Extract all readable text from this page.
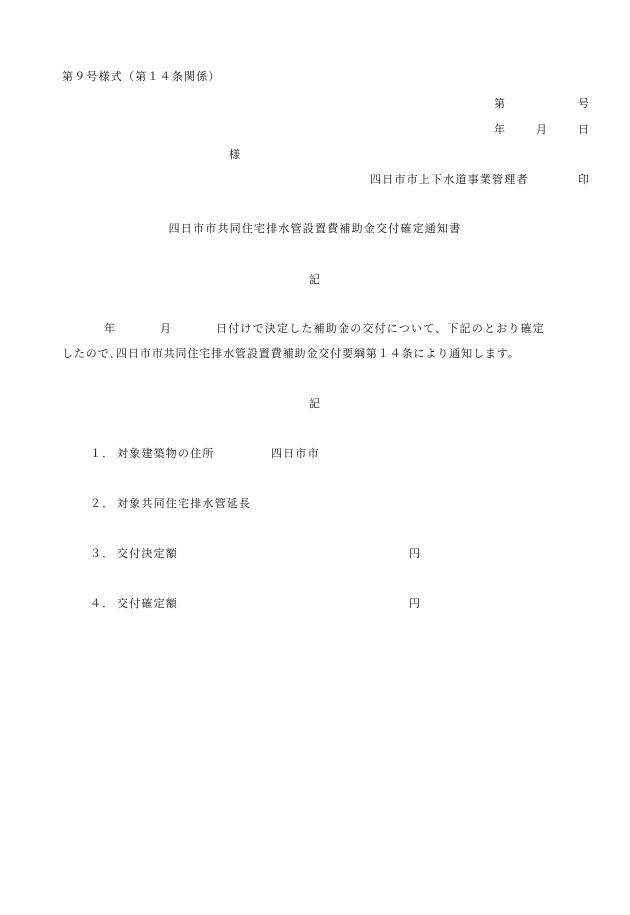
第９号様式（第１４条関係）
第	号
年	月	日
様
四日市市上下水道事業管理者	印
四日市市共同住宅排水管設置費補助金交付確定通知書
記
年	月	日付けで決定した補助金の交付について、下記のとおり確定
したので､四日市市共同住宅排水管設置費補助金交付要綱第１４条により通知します。
記
１． 対象建築物の住所	四日市市
２． 対象共同住宅排水管延長
３． 交付決定額	円
４． 交付確定額	円
